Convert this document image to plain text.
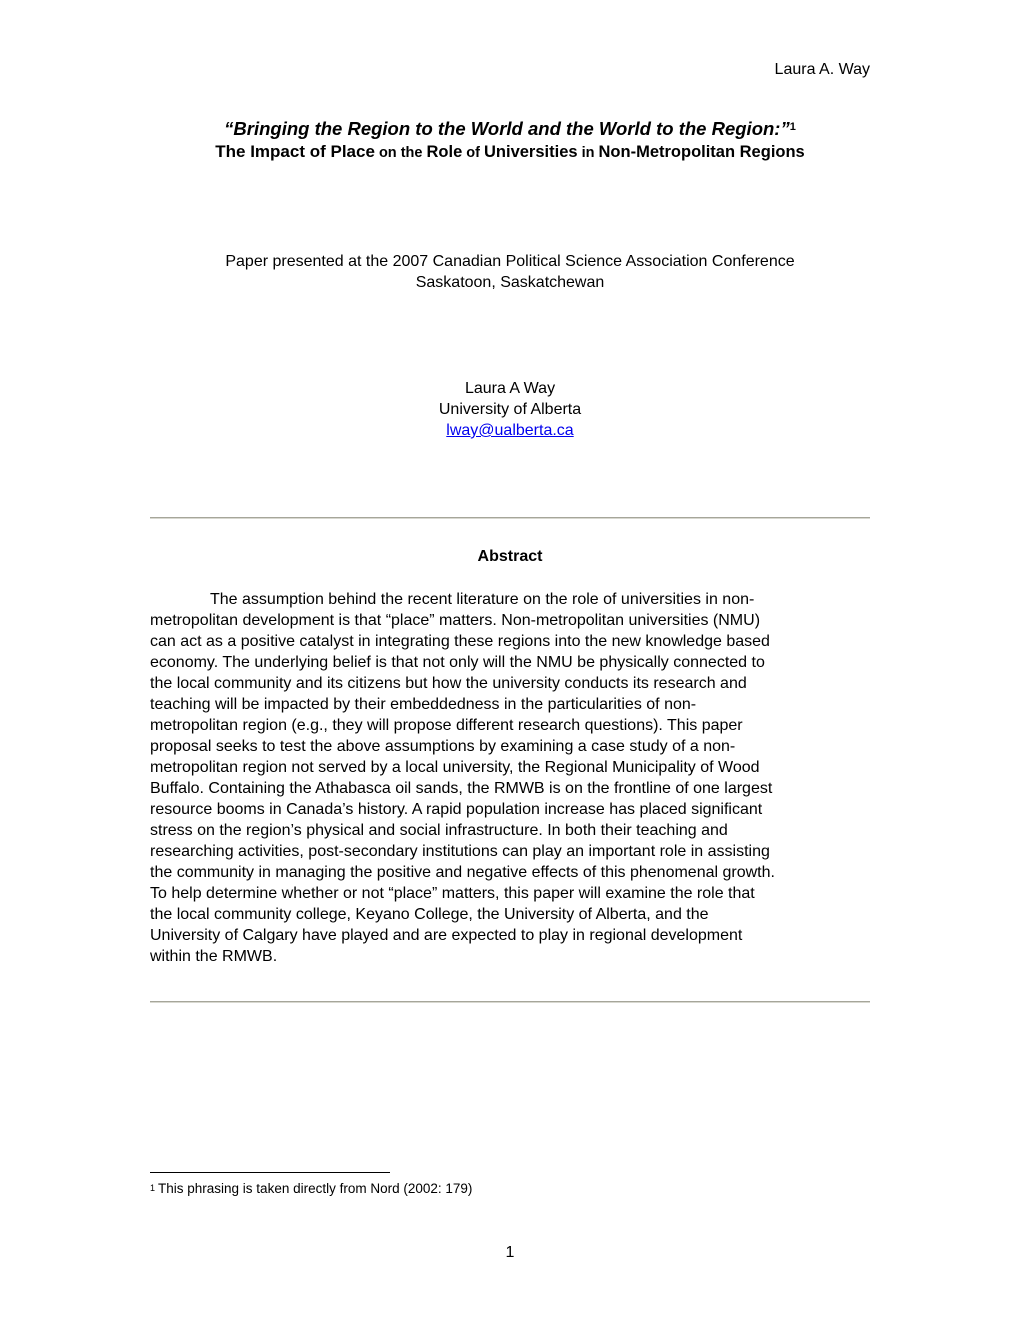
Laura A. Way
“Bringing the Region to the World and the World to the Region:”$^1$
The Impact of Place on the Role of Universities in Non-Metropolitan Regions
Paper presented at the 2007 Canadian Political Science Association Conference
Saskatoon, Saskatchewan
Laura A Way
University of Alberta
lway@ualberta.ca
Abstract

The assumption behind the recent literature on the role of universities in non-
metropolitan development is that “place” matters. Non-metropolitan universities (NMU)
can act as a positive catalyst in integrating these regions into the new knowledge based
economy. The underlying belief is that not only will the NMU be physically connected to
the local community and its citizens but how the university conducts its research and
teaching will be impacted by their embeddedness in the particularities of non-
metropolitan region (e.g., they will propose different research questions). This paper
proposal seeks to test the above assumptions by examining a case study of a non-
metropolitan region not served by a local university, the Regional Municipality of Wood
Buffalo. Containing the Athabasca oil sands, the RMWB is on the frontline of one largest
resource booms in Canada’s history. A rapid population increase has placed significant
stress on the region’s physical and social infrastructure. In both their teaching and
researching activities, post-secondary institutions can play an important role in assisting
the community in managing the positive and negative effects of this phenomenal growth.
To help determine whether or not “place” matters, this paper will examine the role that
the local community college, Keyano College, the University of Alberta, and the
University of Calgary have played and are expected to play in regional development
within the RMWB.

$^1$ This phrasing is taken directly from Nord (2002: 179)
1
